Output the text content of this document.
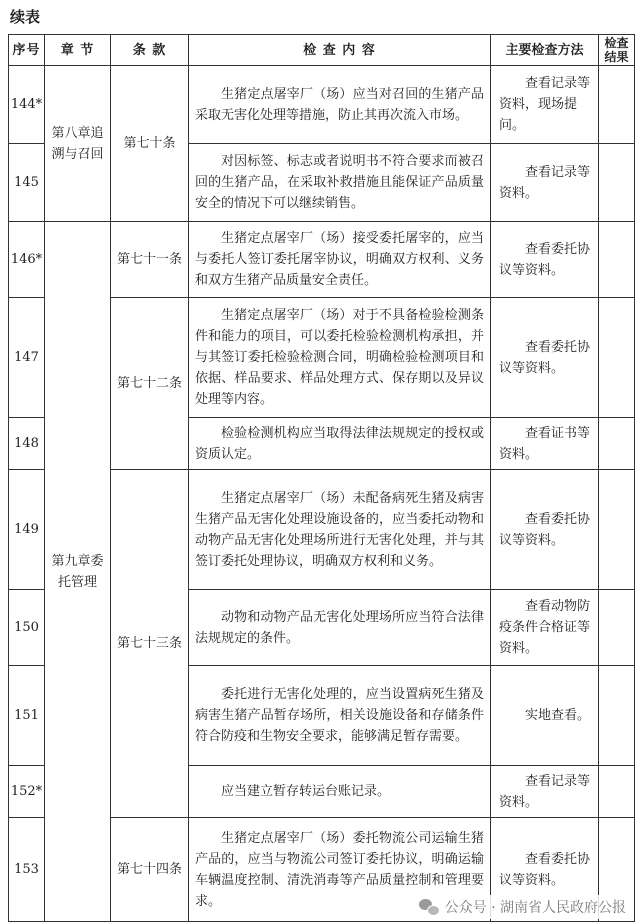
续表
序号	章 节	条 款	检 查 内 容	主要检查方法	检查结果
144*	第八章追溯与召回	第七十条	生猪定点屠宰厂（场）应当对召回的生猪产品采取无害化处理等措施，防止其再次流入市场。	查看记录等资料，现场提问。	

145			对因标签、标志或者说明书不符合要求而被召回的生猪产品，在采取补救措施且能保证产品质量安全的情况下可以继续销售。	查看记录等资料。	

146*	第九章委托管理	第七十一条	生猪定点屠宰厂（场）接受委托屠宰的，应当与委托人签订委托屠宰协议，明确双方权利、义务和双方生猪产品质量安全责任。	查看委托协议等资料。	

147		第七十二条	生猪定点屠宰厂（场）对于不具备检验检测条件和能力的项目，可以委托检验检测机构承担，并与其签订委托检验检测合同，明确检验检测项目和依据、样品要求、样品处理方式、保存期以及异议处理等内容。	查看委托协议等资料。	

148			检验检测机构应当取得法律法规规定的授权或资质认定。	查看证书等资料。	

149		第七十三条	生猪定点屠宰厂（场）未配备病死生猪及病害生猪产品无害化处理设施设备的，应当委托动物和动物产品无害化处理场所进行无害化处理，并与其签订委托处理协议，明确双方权利和义务。	查看委托协议等资料。	

150			动物和动物产品无害化处理场所应当符合法律法规规定的条件。	查看动物防疫条件合格证等资料。	

151			委托进行无害化处理的，应当设置病死生猪及病害生猪产品暂存场所，相关设施设备和存储条件符合防疫和生物安全要求，能够满足暂存需要。	实地查看。	

152*			应当建立暂存转运台账记录。	查看记录等资料。	

153		第七十四条	生猪定点屠宰厂（场）委托物流公司运输生猪产品的，应当与物流公司签订委托协议，明确运输车辆温度控制、清洗消毒等产品质量控制和管理要求。	查看委托协议等资料。	

公众号 · 湖南省人民政府公报
